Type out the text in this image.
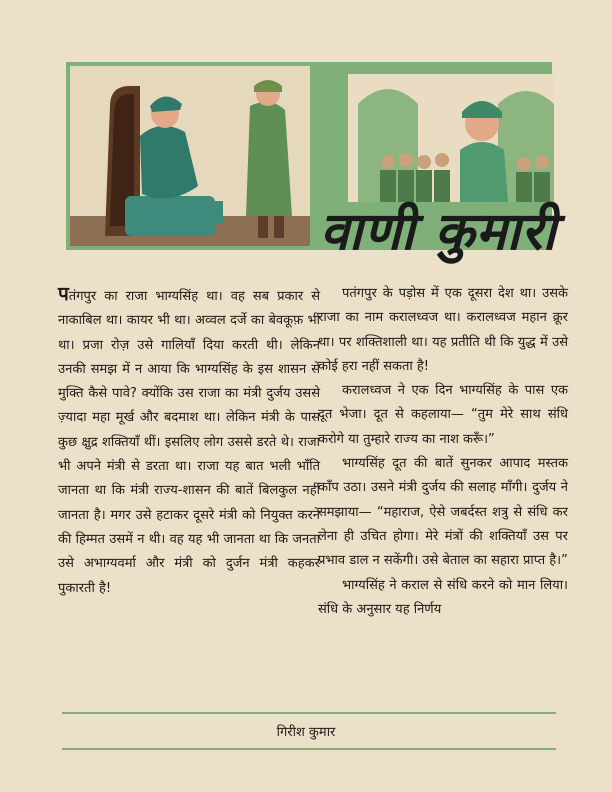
वाणी कुमारी

पतंगपुर का राजा भाग्यसिंह था। वह सब प्रकार से नाकाबिल था। कायर भी था। अव्वल दर्जे का बेवकूफ़ भी था। प्रजा रोज़ उसे गालियाँ दिया करती थी। लेकिन उनकी समझ में न आया कि भाग्यसिंह के इस शासन से मुक्ति कैसे पावे? क्योंकि उस राजा का मंत्री दुर्जय उससे ज़्यादा महा मूर्ख और बदमाश था। लेकिन मंत्री के पास कुछ क्षुद्र शक्तियाँ थीं। इसलिए लोग उससे डरते थे। राजा भी अपने मंत्री से डरता था। राजा यह बात भली भाँति जानता था कि मंत्री राज्य-शासन की बातें बिलकुल नहीं जानता है। मगर उसे हटाकर दूसरे मंत्री को नियुक्त करने की हिम्मत उसमें न थी। वह यह भी जानता था कि जनता उसे अभाग्यवर्मा और मंत्री को दुर्जन मंत्री कहकर पुकारती है!

पतंगपुर के पड़ोस में एक दूसरा देश था। उसके राजा का नाम करालध्वज था। करालध्वज महान क्रूर था। पर शक्तिशाली था। यह प्रतीति थी कि युद्ध में उसे कोई हरा नहीं सकता है!

करालध्वज ने एक दिन भाग्यसिंह के पास एक दूत भेजा। दूत से कहलाया— “तुम मेरे साथ संधि करोगे या तुम्हारे राज्य का नाश करूँ।”

भाग्यसिंह दूत की बातें सुनकर आपाद मस्तक काँप उठा। उसने मंत्री दुर्जय की सलाह माँगी। दुर्जय ने समझाया— “महाराज, ऐसे जबर्दस्त शत्रु से संधि कर लेना ही उचित होगा। मेरे मंत्रों की शक्तियाँ उस पर प्रभाव डाल न सकेंगी। उसे बेताल का सहारा प्राप्त है।”

भाग्यसिंह ने कराल से संधि करने को मान लिया। संधि के अनुसार यह निर्णय

गिरीश कुमार
